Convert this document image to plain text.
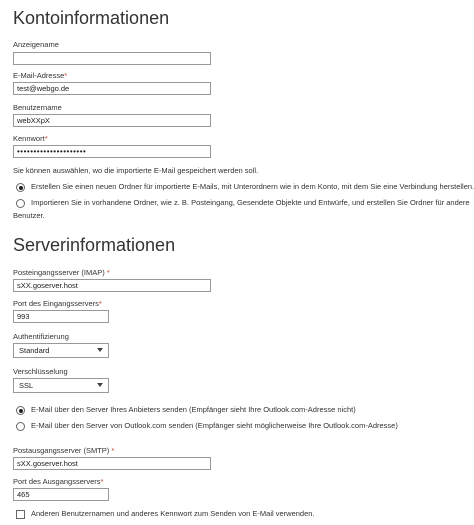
Kontoinformationen
Anzeigename
E-Mail-Adresse*
test@webgo.de
Benutzername
webXXpX
Kennwort*
•••••••••••••••••••••
Sie können auswählen, wo die importierte E-Mail gespeichert werden soll.
Erstellen Sie einen neuen Ordner für importierte E-Mails, mit Unterordnern wie in dem Konto, mit dem Sie eine Verbindung herstellen.
Importieren Sie in vorhandene Ordner, wie z. B. Posteingang, Gesendete Objekte und Entwürfe, und erstellen Sie Ordner für andere
Benutzer.
Serverinformationen
Posteingangsserver (IMAP) *
sXX.goserver.host
Port des Eingangsservers*
993
Authentifizierung
Standard
Verschlüsselung
SSL
E-Mail über den Server Ihres Anbieters senden (Empfänger sieht Ihre Outlook.com-Adresse nicht)
E-Mail über den Server von Outlook.com senden (Empfänger sieht möglicherweise Ihre Outlook.com-Adresse)
Postausgangsserver (SMTP) *
sXX.goserver.host
Port des Ausgangsservers*
465
Anderen Benutzernamen und anderes Kennwort zum Senden von E-Mail verwenden.
